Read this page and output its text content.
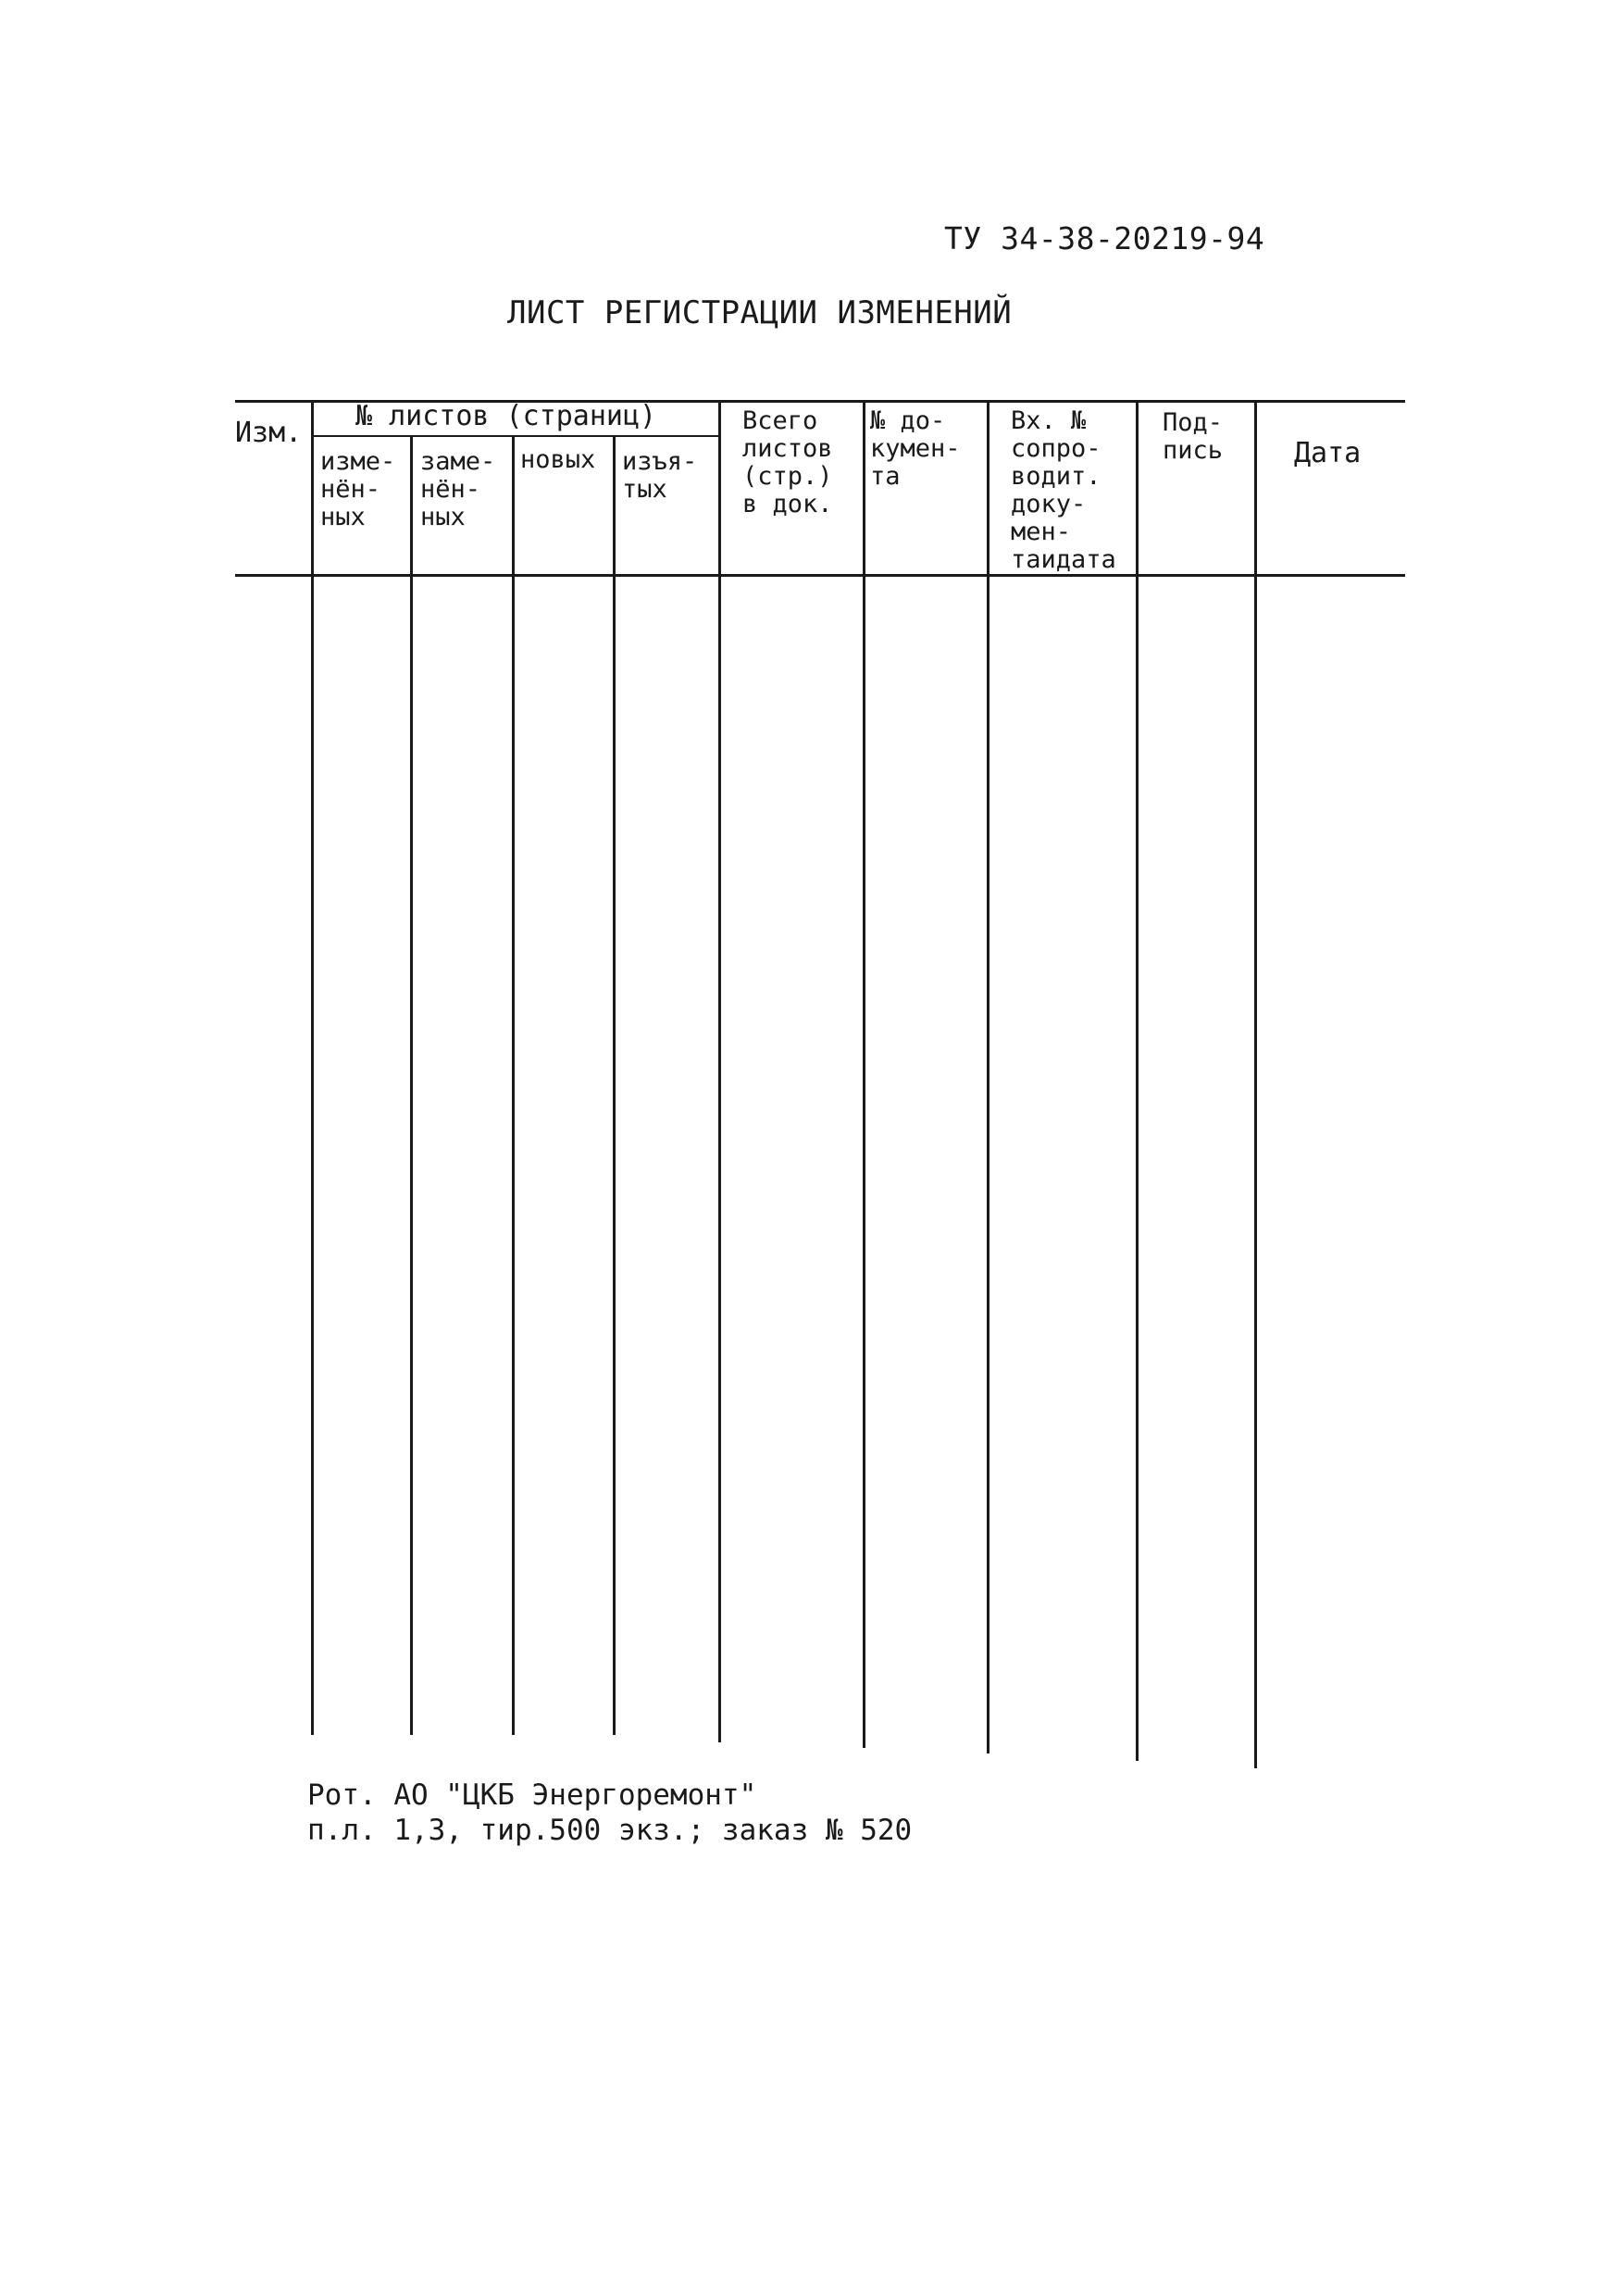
ТУ 34-38-20219-94
ЛИСТ РЕГИСТРАЦИИ ИЗМЕНЕНИЙ
Изм.
№ листов (страниц)
изме-
нён-
ных
заме-
нён-
ных
новых изъя-
тых
Всего
листов
(стр.)
в док.
№ до-
кумен-
та
Вх. №
сопро-
водит.
доку-
мен-
таидата
Под-
пись	Дата
Рот. АО "ЦКБ Энергоремонт"
п.л. 1,3, тир.500 экз.; заказ № 520
